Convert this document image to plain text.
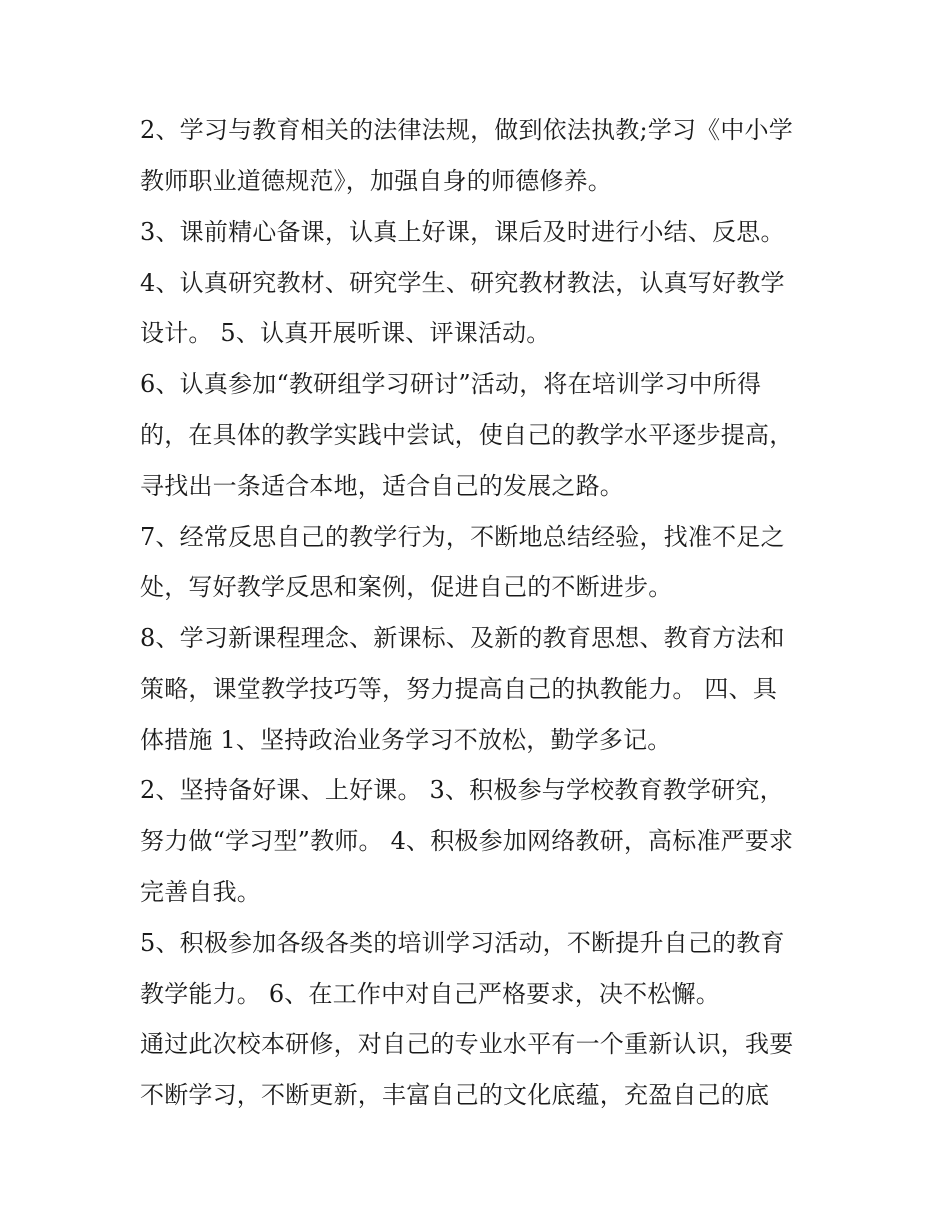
2、学习与教育相关的法律法规，做到依法执教;学习《中小学
教师职业道德规范》，加强自身的师德修养。
3、课前精心备课，认真上好课，课后及时进行小结、反思。
4、认真研究教材、研究学生、研究教材教法，认真写好教学
设计。 5、认真开展听课、评课活动。
6、认真参加“教研组学习研讨”活动，将在培训学习中所得
的，在具体的教学实践中尝试，使自己的教学水平逐步提高，
寻找出一条适合本地，适合自己的发展之路。
7、经常反思自己的教学行为，不断地总结经验，找准不足之
处，写好教学反思和案例，促进自己的不断进步。
8、学习新课程理念、新课标、及新的教育思想、教育方法和
策略，课堂教学技巧等，努力提高自己的执教能力。 四、具
体措施 1、坚持政治业务学习不放松，勤学多记。
2、坚持备好课、上好课。 3、积极参与学校教育教学研究，
努力做“学习型”教师。 4、积极参加网络教研，高标准严要求
完善自我。
5、积极参加各级各类的培训学习活动，不断提升自己的教育
教学能力。 6、在工作中对自己严格要求，决不松懈。
通过此次校本研修，对自己的专业水平有一个重新认识，我要
不断学习，不断更新，丰富自己的文化底蕴，充盈自己的底
